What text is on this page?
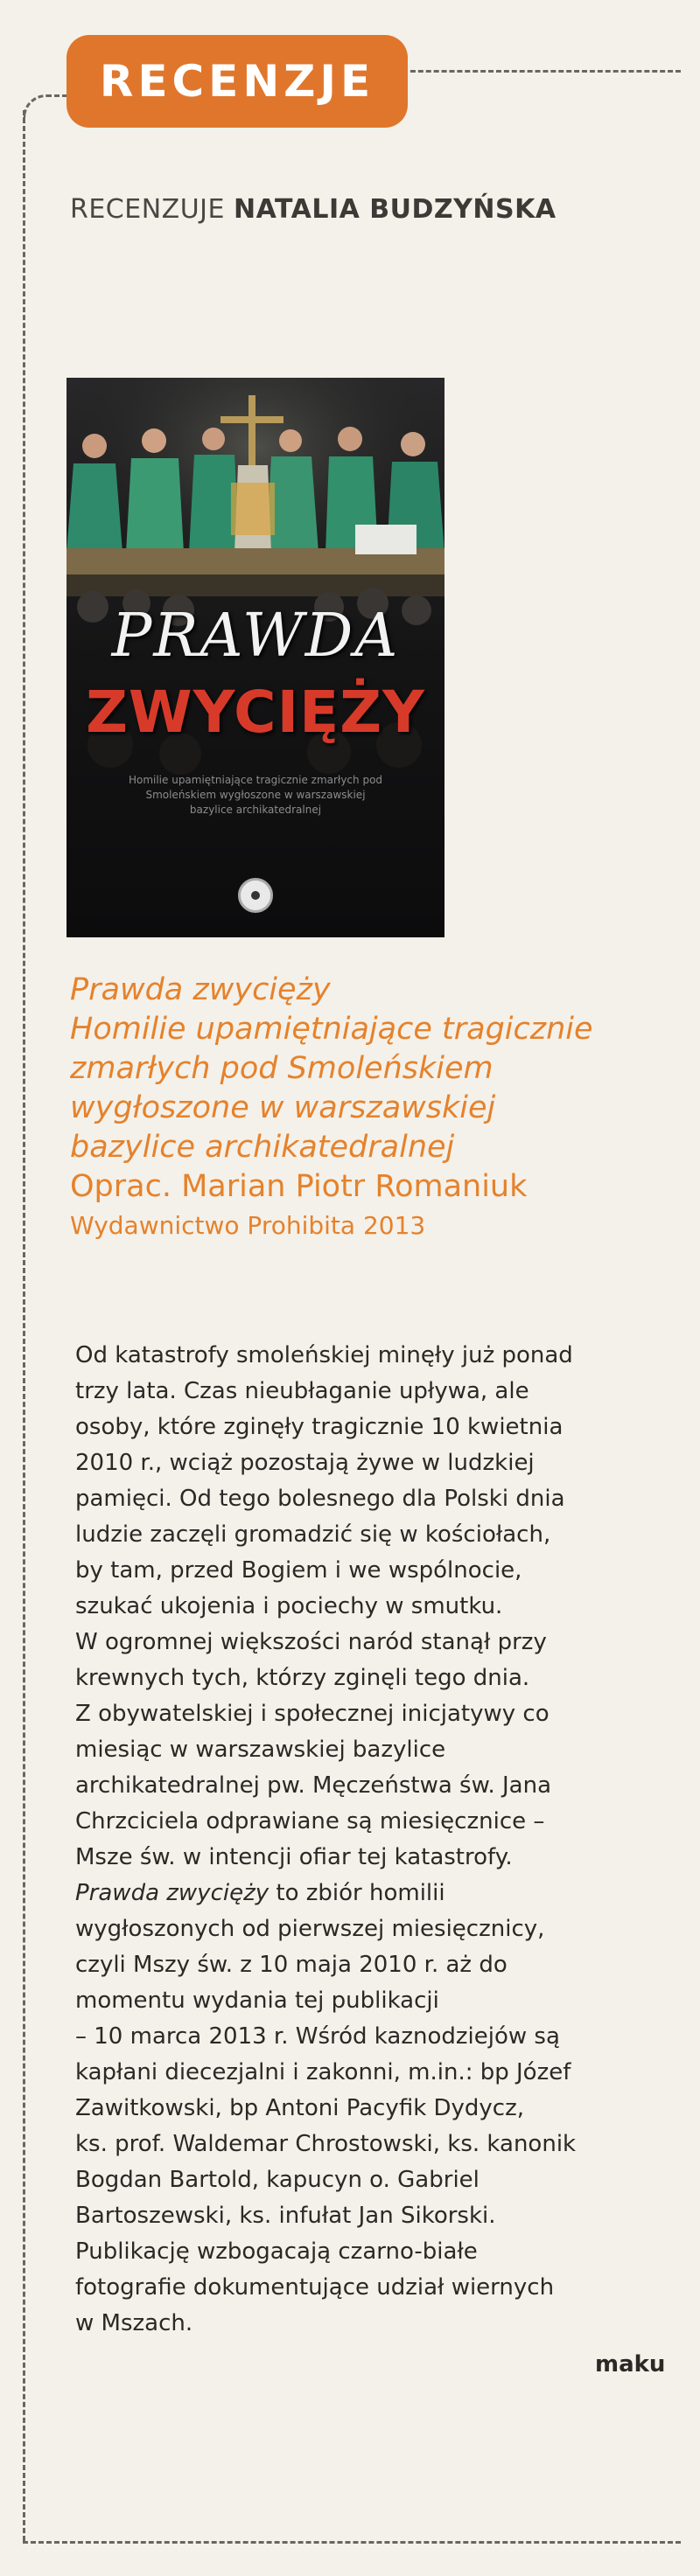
RECENZJE
RECENZUJE NATALIA BUDZYŃSKA
PRAWDA
ZWYCIĘŻY
Homilie upamiętniające tragicznie zmarłych pod Smoleńskiem wygłoszone w warszawskiej bazylice archikatedralnej

Prawda zwycięży

Homilie upamiętniające tragicznie

zmarłych pod Smoleńskiem

wygłoszone w warszawskiej

bazylice archikatedralnej

Oprac. Marian Piotr Romaniuk

Wydawnictwo Prohibita 2013

Od katastrofy smoleńskiej minęły już ponad
trzy lata. Czas nieubłaganie upływa, ale
osoby, które zginęły tragicznie 10 kwietnia
2010 r., wciąż pozostają żywe w ludzkiej
pamięci. Od tego bolesnego dla Polski dnia
ludzie zaczęli gromadzić się w kościołach,
by tam, przed Bogiem i we wspólnocie,
szukać ukojenia i pociechy w smutku.
W ogromnej większości naród stanął przy
krewnych tych, którzy zginęli tego dnia.
Z obywatelskiej i społecznej inicjatywy co
miesiąc w warszawskiej bazylice
archikatedralnej pw. Męczeństwa św. Jana
Chrzciciela odprawiane są miesięcznice –
Msze św. w intencji ofiar tej katastrofy.
Prawda zwycięży to zbiór homilii
wygłoszonych od pierwszej miesięcznicy,
czyli Mszy św. z 10 maja 2010 r. aż do
momentu wydania tej publikacji
– 10 marca 2013 r. Wśród kaznodziejów są
kapłani diecezjalni i zakonni, m.in.: bp Józef
Zawitkowski, bp Antoni Pacyfik Dydycz,
ks. prof. Waldemar Chrostowski, ks. kanonik
Bogdan Bartold, kapucyn o. Gabriel
Bartoszewski, ks. infułat Jan Sikorski.
Publikację wzbogacają czarno-białe
fotografie dokumentujące udział wiernych
w Mszach.
maku
